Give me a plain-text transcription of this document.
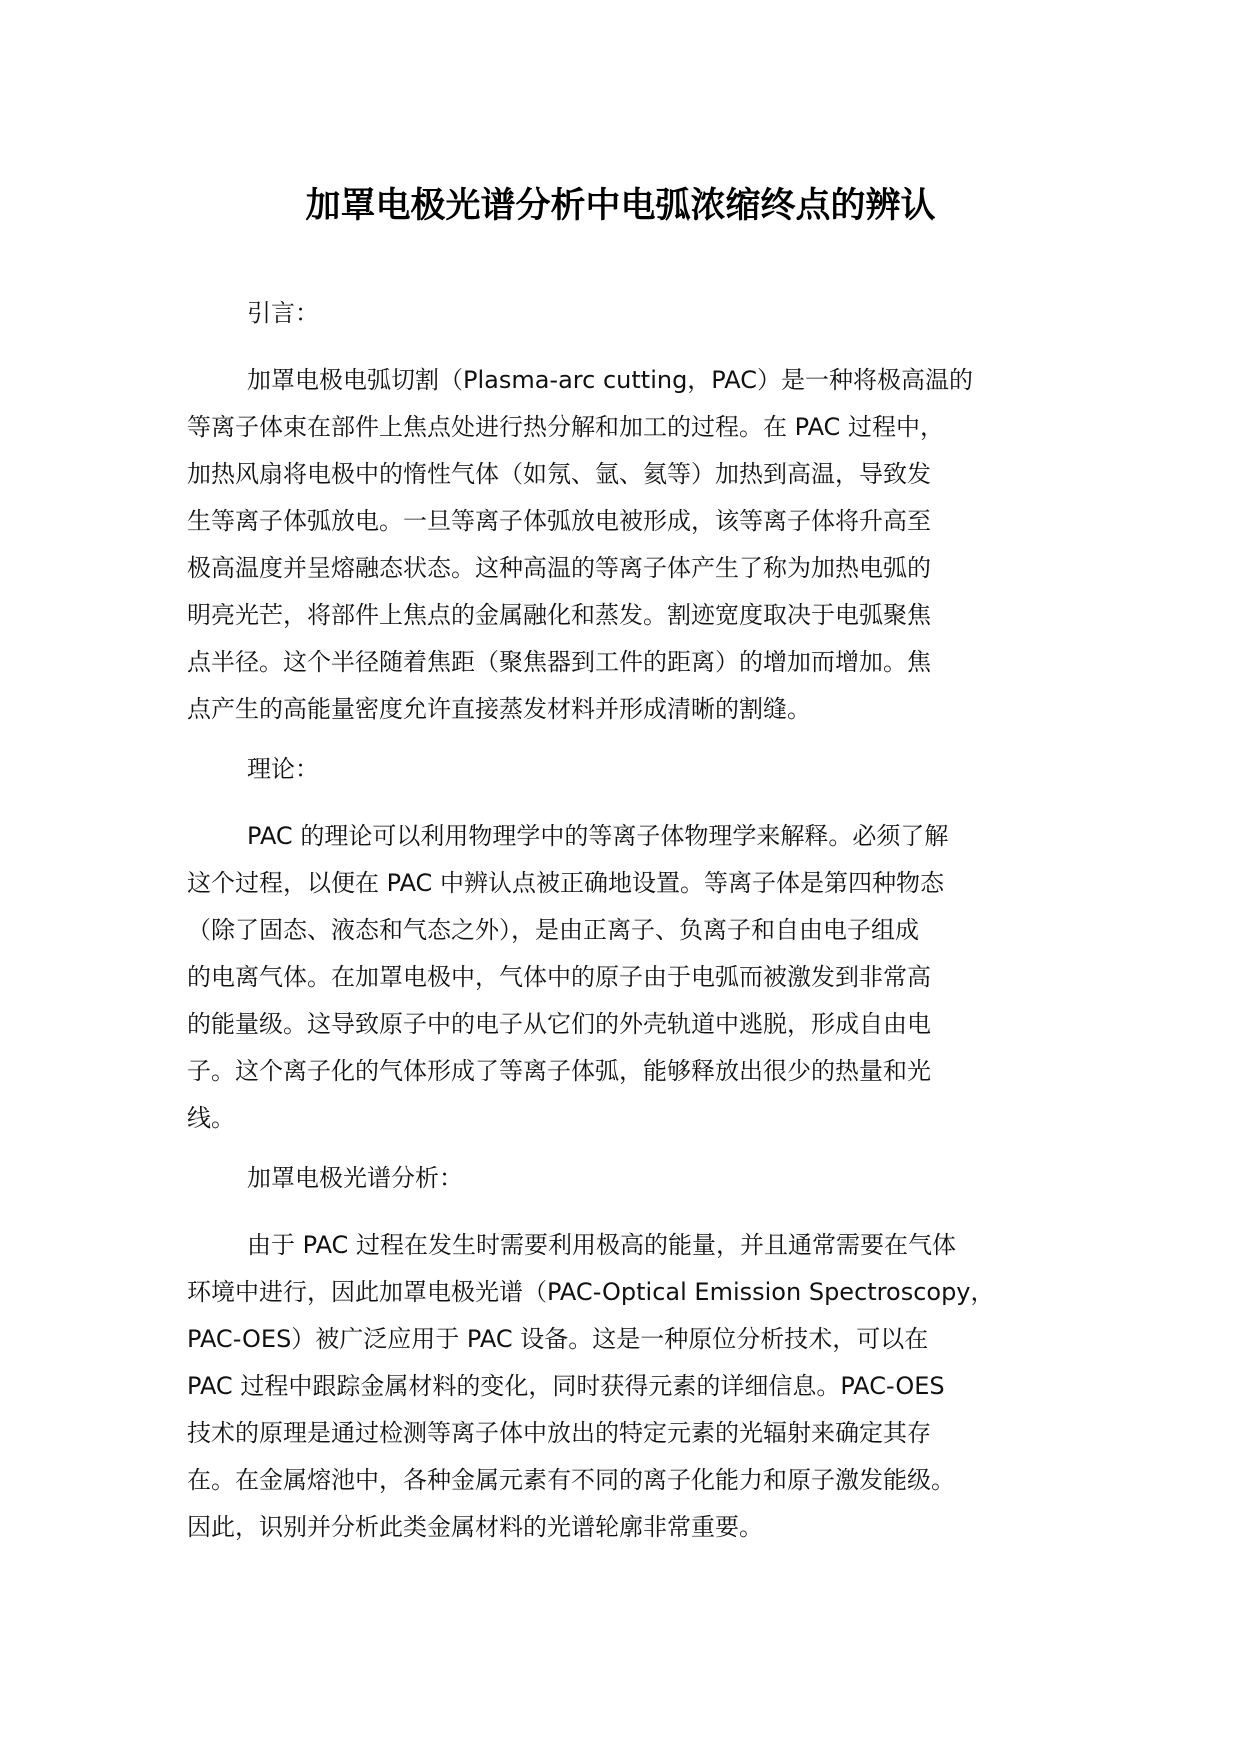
加罩电极光谱分析中电弧浓缩终点的辨认

引言：

加罩电极电弧切割（Plasma-arc cutting，PAC）是一种将极高温的
等离子体束在部件上焦点处进行热分解和加工的过程。在 PAC 过程中，
加热风扇将电极中的惰性气体（如氖、氩、氦等）加热到高温，导致发
生等离子体弧放电。一旦等离子体弧放电被形成，该等离子体将升高至
极高温度并呈熔融态状态。这种高温的等离子体产生了称为加热电弧的
明亮光芒，将部件上焦点的金属融化和蒸发。割迹宽度取决于电弧聚焦
点半径。这个半径随着焦距（聚焦器到工件的距离）的增加而增加。焦
点产生的高能量密度允许直接蒸发材料并形成清晰的割缝。

理论：

PAC 的理论可以利用物理学中的等离子体物理学来解释。必须了解
这个过程，以便在 PAC 中辨认点被正确地设置。等离子体是第四种物态
（除了固态、液态和气态之外），是由正离子、负离子和自由电子组成
的电离气体。在加罩电极中，气体中的原子由于电弧而被激发到非常高
的能量级。这导致原子中的电子从它们的外壳轨道中逃脱，形成自由电
子。这个离子化的气体形成了等离子体弧，能够释放出很少的热量和光
线。

加罩电极光谱分析：

由于 PAC 过程在发生时需要利用极高的能量，并且通常需要在气体
环境中进行，因此加罩电极光谱（PAC-Optical Emission Spectroscopy，
PAC-OES）被广泛应用于 PAC 设备。这是一种原位分析技术，可以在
PAC 过程中跟踪金属材料的变化，同时获得元素的详细信息。PAC-OES
技术的原理是通过检测等离子体中放出的特定元素的光辐射来确定其存
在。在金属熔池中，各种金属元素有不同的离子化能力和原子激发能级。
因此，识别并分析此类金属材料的光谱轮廓非常重要。
